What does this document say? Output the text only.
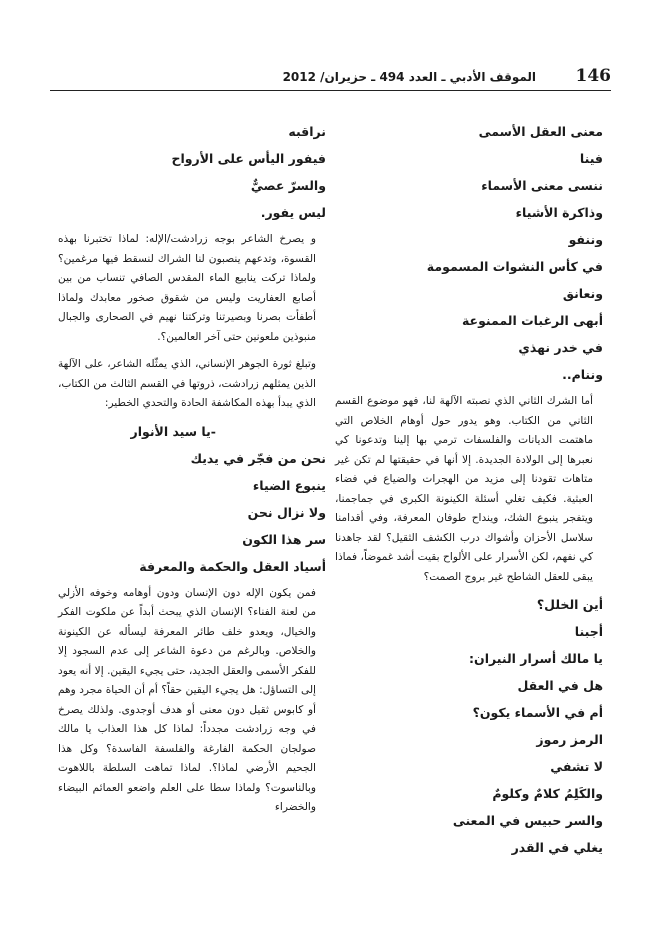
146
الموقف الأدبي ـ العدد 494 ـ حزيران/ 2012
معنى العقل الأسمى
فينا
ننسى معنى الأسماء
وذاكرة الأشياء
وننفو
في كأس النشوات المسمومة
ونعانق
أبهى الرغبات الممنوعة
في خدر نهذي
وننام..

أما الشرك الثاني الذي نصبته الآلهة لنا، فهو موضوع القسم الثاني من الكتاب. وهو يدور حول أوهام الخلاص التي ماهتمت الديانات والفلسفات ترمي بها إلينا وتدعونا كي نعبرها إلى الولادة الجديدة. إلا أنها في حقيقتها لم تكن غير متاهات تقودنا إلى مزيد من الهجرات والضياع في فضاء العبثية. فكيف تغلي أسئلة الكينونة الكبرى في جماجمنا، ويتفجر ينبوع الشك، وينداح طوفان المعرفة، وفي أقدامنا سلاسل الأحزان وأشواك درب الكشف الثقيل؟ لقد جاهدنا كي نفهم، لكن الأسرار على الألواح بقيت أشد غموضاً، فماذا يبقى للعقل الشاطح غير بروج الصمت؟

أين الخلل؟
أجبنا
يا مالك أسرار النيران:
هل في العقل
أم في الأسماء يكون؟
الرمز رموز
لا تشفي
والكَلِمُ كلامٌ وكلومٌ
والسر حبيس في المعنى
يغلي في القدر
نراقبه
فيفور اليأس على الأرواح
والسرّ عصيٌّ
ليس يفور.

و يصرخ الشاعر بوجه زرادشت/الإله: لماذا تختبرنا بهذه القسوة، وتدعهم ينصبون لنا الشراك لنسقط فيها مرغمين؟ ولماذا تركت ينابيع الماء المقدس الصافي تنساب من بين أصابع العفاريت وليس من شقوق صخور معابدك ولماذا أطفأت بصرنا وبصيرتنا وتركتنا نهيم في الصحارى والجبال منبوذين ملعونين حتى آخر العالمين؟.

وتبلغ ثورة الجوهر الإنساني، الذي يمثّله الشاعر، على الآلهة الذين يمثلهم زرادشت، ذروتها في القسم الثالث من الكتاب، الذي يبدأ بهذه المكاشفة الحادة والتحدي الخطير:

-يا سيد الأنوار
نحن من فجّر في يديك
ينبوع الضياء
ولا نزال نحن
سر هذا الكون
أسياد العقل والحكمة والمعرفة

فمن يكون الإله دون الإنسان ودون أوهامه وخوفه الأزلي من لعنة الفناء؟ الإنسان الذي يبحث أبداً عن ملكوت الفكر والخيال، ويعدو خلف طائر المعرفة ليسأله عن الكينونة والخلاص. وبالرغم من دعوة الشاعر إلى عدم السجود إلا للفكر الأسمى والعقل الجديد، حتى يجيء اليقين. إلا أنه يعود إلى التساؤل: هل يجيء اليقين حقاً؟ أم أن الحياة مجرد وهم أو كابوس ثقيل دون معنى أو هدف أوجدوى. ولذلك يصرخ في وجه زرادشت مجدداً: لماذا كل هذا العذاب يا مالك صولجان الحكمة الفارغة والفلسفة الفاسدة؟ وكل هذا الجحيم الأرضي لماذا؟. لماذا تماهت السلطة باللاهوت وبالناسوت؟ ولماذا سطا على العلم واضعو العمائم البيضاء والخضراء
